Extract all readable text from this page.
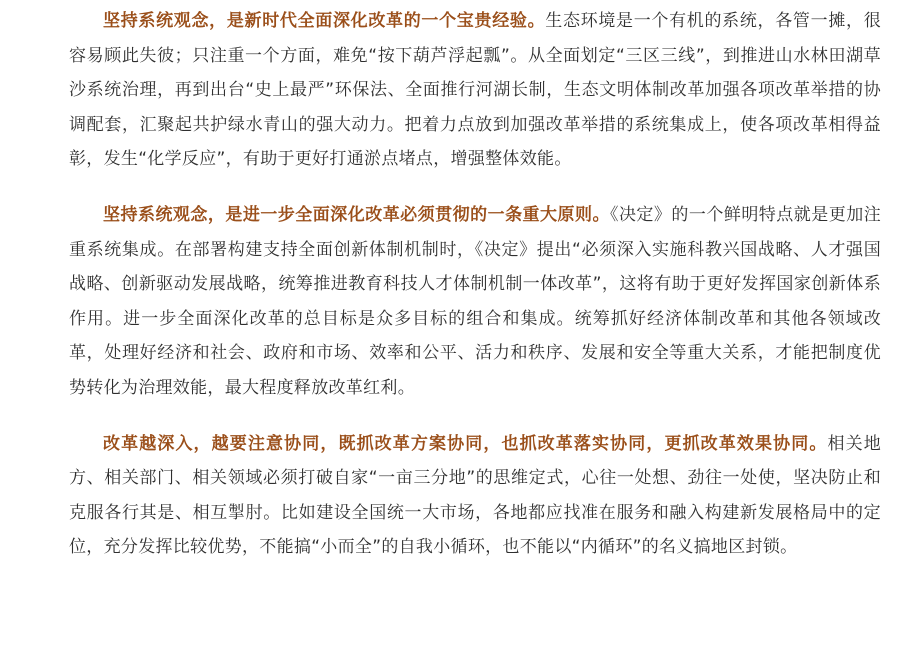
坚持系统观念，是新时代全面深化改革的一个宝贵经验。生态环境是一个有机的系统，各管一摊，很容易顾此失彼；只注重一个方面，难免“按下葫芦浮起瓢”。从全面划定“三区三线”，到推进山水林田湖草沙系统治理，再到出台“史上最严”环保法、全面推行河湖长制，生态文明体制改革加强各项改革举措的协调配套，汇聚起共护绿水青山的强大动力。把着力点放到加强改革举措的系统集成上，使各项改革相得益彰，发生“化学反应”，有助于更好打通淤点堵点，增强整体效能。

坚持系统观念，是进一步全面深化改革必须贯彻的一条重大原则。《决定》的一个鲜明特点就是更加注重系统集成。在部署构建支持全面创新体制机制时，《决定》提出“必须深入实施科教兴国战略、人才强国战略、创新驱动发展战略，统筹推进教育科技人才体制机制一体改革”，这将有助于更好发挥国家创新体系作用。进一步全面深化改革的总目标是众多目标的组合和集成。统筹抓好经济体制改革和其他各领域改革，处理好经济和社会、政府和市场、效率和公平、活力和秩序、发展和安全等重大关系，才能把制度优势转化为治理效能，最大程度释放改革红利。

改革越深入，越要注意协同，既抓改革方案协同，也抓改革落实协同，更抓改革效果协同。相关地方、相关部门、相关领域必须打破自家“一亩三分地”的思维定式，心往一处想、劲往一处使，坚决防止和克服各行其是、相互掣肘。比如建设全国统一大市场，各地都应找准在服务和融入构建新发展格局中的定位，充分发挥比较优势，不能搞“小而全”的自我小循环，也不能以“内循环”的名义搞地区封锁。
